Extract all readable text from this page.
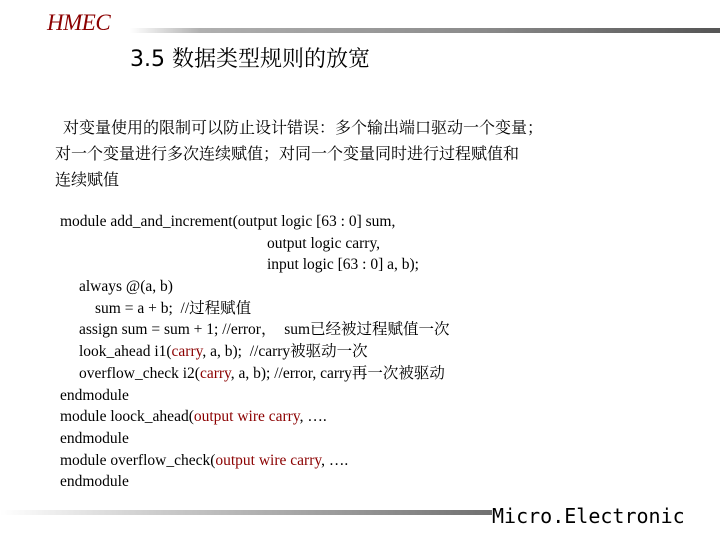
HMEC
3.5 数据类型规则的放宽

对变量使用的限制可以防止设计错误：多个输出端口驱动一个变量；

对一个变量进行多次连续赋值；对同一个变量同时进行过程赋值和

连续赋值

module add_and_increment(output logic [63 : 0] sum,
output logic carry,
input logic [63 : 0] a, b);
always @(a, b)
sum = a + b;  //过程赋值
assign sum = sum + 1; //error，  sum已经被过程赋值一次
look_ahead i1(carry, a, b);  //carry被驱动一次
overflow_check i2(carry, a, b); //error, carry再一次被驱动
endmodule
module loock_ahead(output wire carry, ….
endmodule
module overflow_check(output wire carry, ….
endmodule
Micro.Electronic
